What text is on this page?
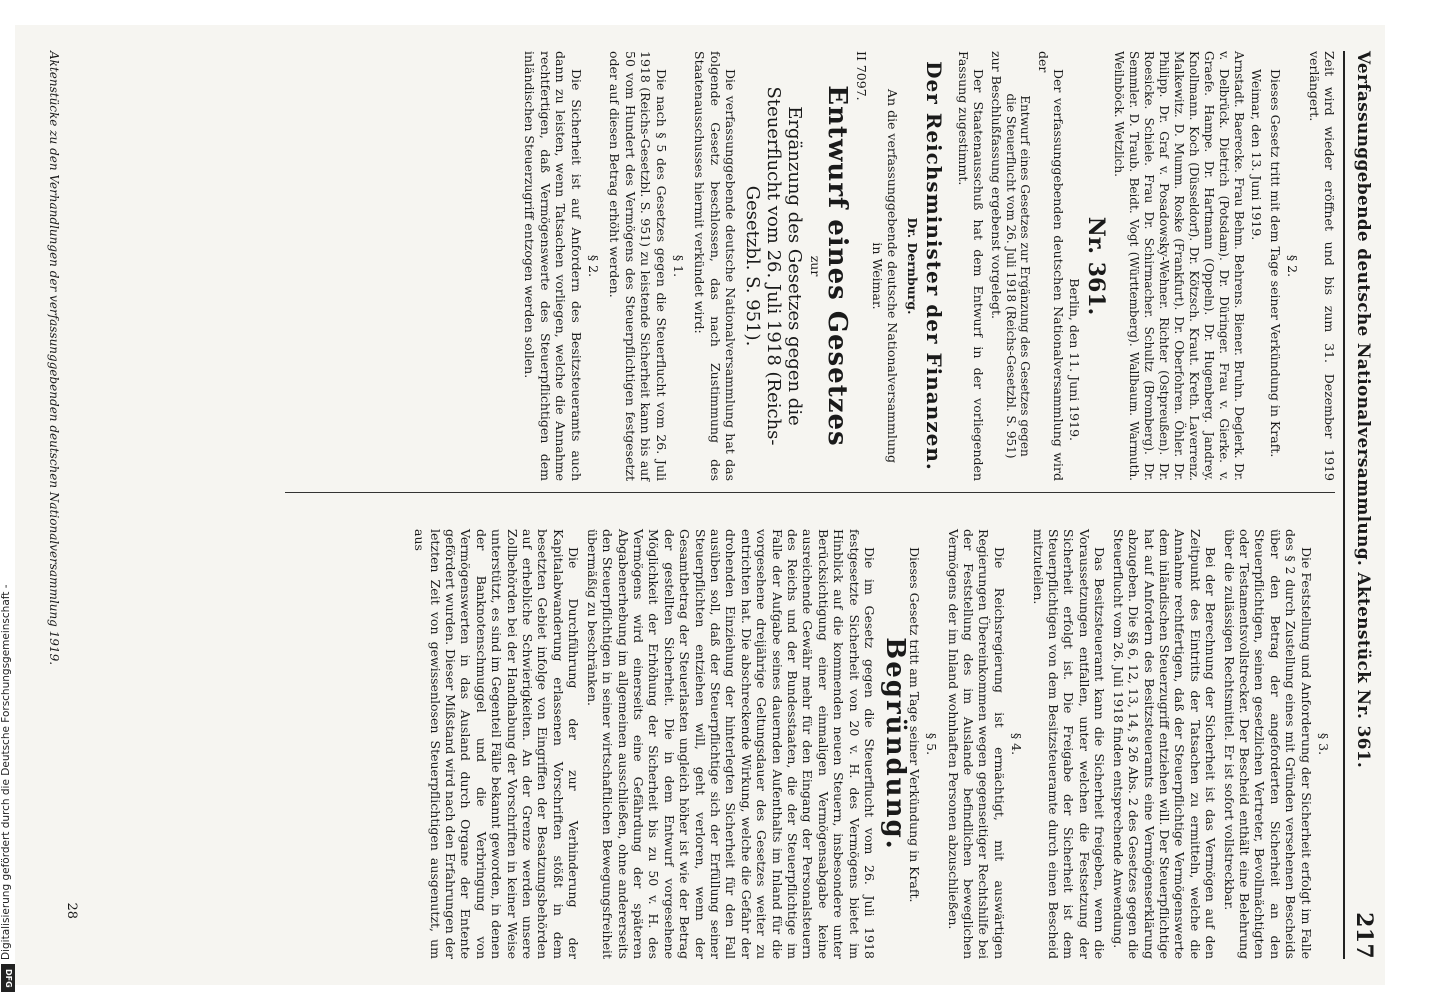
Digitalisierung gefördert durch die Deutsche Forschungsgemeinschaft -
DFG
Verfassunggebende deutsche Nationalversammlung. Aktenstück Nr. 361.
217

Zeit wird wieder eröffnet und bis zum 31. Dezember 1919 verlängert.

§ 2.

Dieses Gesetz tritt mit dem Tage seiner Verkündung in Kraft.

Weimar, den 13. Juni 1919.

Arnstadt. Baerecke. Frau Behm. Behrens. Biener. Bruhn. Deglerk. Dr. v. Delbrück. Dietrich (Potsdam). Dr. Düringer. Frau v. Gierke. v. Graefe. Hampe. Dr. Hartmann (Oppeln). Dr. Hugenberg. Jandrey. Knollmann. Koch (Düsseldorf). Dr. Kötzsch. Kraut. Kreth. Laverrenz. Malkewitz. D. Mumm. Roske (Frankfurt). Dr. Oberfohren. Öhler. Dr. Philipp. Dr. Graf v. Posadowsky-Wehner. Richter (Ostpreußen). Dr. Roesicke. Schiele. Frau Dr. Schirmacher. Schultz (Bromberg). Dr. Semmler. D. Traub. Beidt. Vogt (Württemberg). Wallbaum. Warmuth. Weilnböck. Wetzlich.

Nr. 361.
Berlin, den 11. Juni 1919.

Der verfassunggebenden deutschen Nationalversammlung wird der

Entwurf eines Gesetzes zur Ergänzung des Gesetzes gegen die Steuerflucht vom 26. Juli 1918 (Reichs-Gesetzbl. S. 951)

zur Beschlußfassung ergebenst vorgelegt.

Der Staatenausschuß hat dem Entwurf in der vorliegenden Fassung zugestimmt.

Der Reichsminister der Finanzen.
Dr. Dernburg.
An die verfassunggebende deutsche Nationalversammlung in Weimar.

II 7097.

Entwurf eines Gesetzes
zur
Ergänzung des Gesetzes gegen die Steuerflucht vom 26. Juli 1918 (Reichs-Gesetzbl. S. 951).

Die verfassunggebende deutsche Nationalversammlung hat das folgende Gesetz beschlossen, das nach Zustimmung des Staatenausschusses hiermit verkündet wird:

§ 1.

Die nach § 5 des Gesetzes gegen die Steuerflucht vom 26. Juli 1918 (Reichs-Gesetzbl. S. 951) zu leistende Sicherheit kann bis auf 50 vom Hundert des Vermögens des Steuerpflichtigen festgesetzt oder auf diesen Betrag erhöht werden.

§ 2.

Die Sicherheit ist auf Anfordern des Besitzsteueramts auch dann zu leisten, wenn Tatsachen vorliegen, welche die Annahme rechtfertigen, daß Vermögenswerte des Steuerpflichtigen dem inländischen Steuerzugriff entzogen werden sollen.

§ 3.

Die Feststellung und Anforderung der Sicherheit erfolgt im Falle des § 2 durch Zustellung eines mit Gründen versehenen Bescheids über den Betrag der angeforderten Sicherheit an den Steuerpflichtigen, seinen gesetzlichen Vertreter, Bevollmächtigten oder Testamentsvollstrecker. Der Bescheid enthält eine Belehrung über die zulässigen Rechtsmittel. Er ist sofort vollstreckbar.

Bei der Berechnung der Sicherheit ist das Vermögen auf den Zeitpunkt des Eintritts der Tatsachen zu ermitteln, welche die Annahme rechtfertigen, daß der Steuerpflichtige Vermögenswerte dem inländischen Steuerzugriff entziehen will. Der Steuerpflichtige hat auf Anfordern des Besitzsteueramts eine Vermögenserklärung abzugeben. Die §§ 6, 12, 13, 14, § 26 Abs. 2 des Gesetzes gegen die Steuerflucht vom 26. Juli 1918 finden entsprechende Anwendung.

Das Besitzsteueramt kann die Sicherheit freigeben, wenn die Voraussetzungen entfallen, unter welchen die Festsetzung der Sicherheit erfolgt ist. Die Freigabe der Sicherheit ist dem Steuerpflichtigen von dem Besitzsteueramte durch einen Bescheid mitzuteilen.

§ 4.

Die Reichsregierung ist ermächtigt, mit auswärtigen Regierungen Übereinkommen wegen gegenseitiger Rechtshilfe bei der Feststellung des im Auslande befindlichen beweglichen Vermögens der im Inland wohnhaften Personen abzuschließen.

§ 5.

Dieses Gesetz tritt am Tage seiner Verkündung in Kraft.

Begründung.

Die im Gesetz gegen die Steuerflucht vom 26. Juli 1918 festgesetzte Sicherheit von 20 v. H. des Vermögens bietet im Hinblick auf die kommenden neuen Steuern, insbesondere unter Berücksichtigung einer einmaligen Vermögensabgabe keine ausreichende Gewähr mehr für den Eingang der Personalsteuern des Reichs und der Bundesstaaten, die der Steuerpflichtige im Falle der Aufgabe seines dauernden Aufenthalts im Inland für die vorgesehene dreijährige Geltungsdauer des Gesetzes weiter zu entrichten hat. Die abschreckende Wirkung, welche die Gefahr der drohenden Einziehung der hinterlegten Sicherheit für den Fall ausüben soll, daß der Steuerpflichtige sich der Erfüllung seiner Steuerpflichten entziehen will, geht verloren, wenn der Gesamtbetrag der Steuerlasten ungleich höher ist wie der Betrag der gestellten Sicherheit. Die in dem Entwurf vorgesehene Möglichkeit der Erhöhung der Sicherheit bis zu 50 v. H. des Vermögens wird einerseits eine Gefährdung der späteren Abgabenerhebung im allgemeinen ausschließen, ohne andererseits den Steuerpflichtigen in seiner wirtschaftlichen Bewegungsfreiheit übermäßig zu beschränken.

Die Durchführung der zur Verhinderung der Kapitalabwanderung erlassenen Vorschriften stößt in dem besetzten Gebiet infolge von Eingriffen der Besatzungsbehörden auf erhebliche Schwierigkeiten. An der Grenze werden unsere Zollbehörden bei der Handhabung der Vorschriften in keiner Weise unterstützt, es sind im Gegenteil Fälle bekannt geworden, in denen der Banknotenschmuggel und die Verbringung von Vermögenswerten in das Ausland durch Organe der Entente gefördert wurden. Dieser Mißstand wird nach den Erfahrungen der letzten Zeit von gewissenlosen Steuerpflichtigen ausgenutzt, um aus

Aktenstücke zu den Verhandlungen der verfassunggebenden deutschen Nationalversammlung 1919.
28
